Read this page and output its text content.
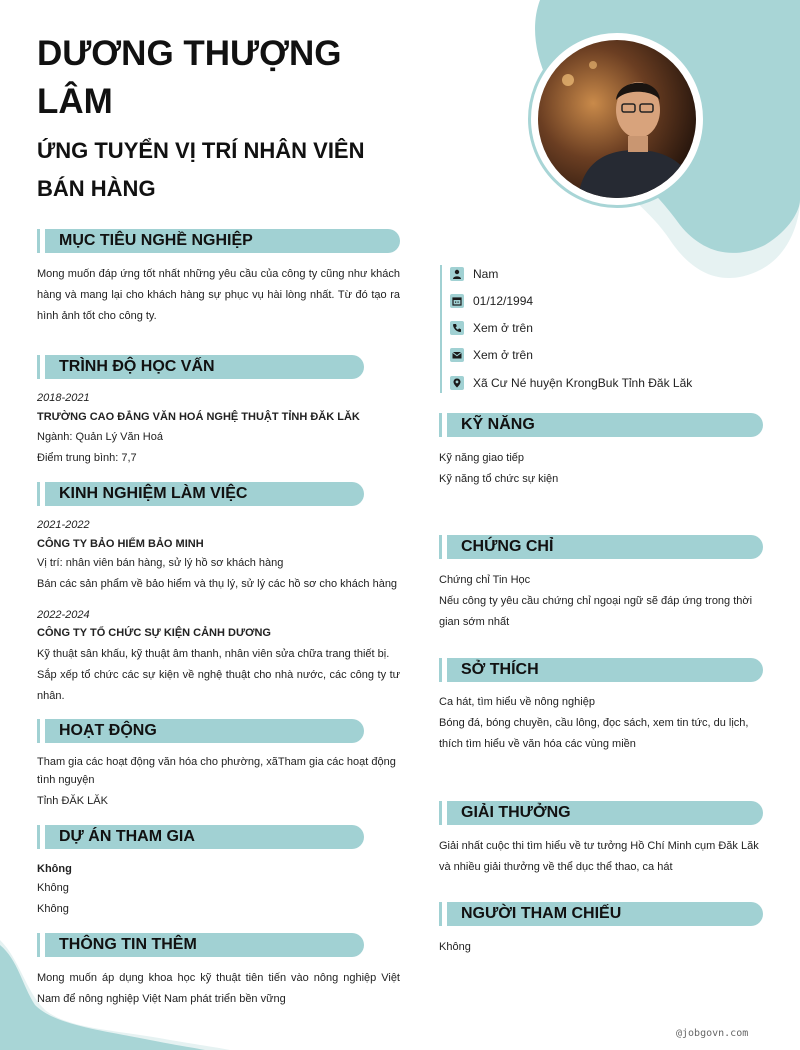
DƯƠNG THƯỢNG LÂM
ỨNG TUYỂN VỊ TRÍ NHÂN VIÊN BÁN HÀNG
MỤC TIÊU NGHỀ NGHIỆP
Mong muốn đáp ứng tốt nhất những yêu cầu của công ty cũng như khách hàng và mang lại cho khách hàng sự phục vụ hài lòng nhất. Từ đó tạo ra hình ảnh tốt cho công ty.
TRÌNH ĐỘ HỌC VẤN
2018-2021
TRƯỜNG CAO ĐẲNG VĂN HOÁ NGHỆ THUẬT TỈNH ĐĂK LĂK
Ngành: Quản Lý Văn Hoá
Điểm trung bình: 7,7
KINH NGHIỆM LÀM VIỆC
2021-2022
CÔNG TY BẢO HIỂM BẢO MINH
Vị trí: nhân viên bán hàng, sử lý hồ sơ khách hàng
Bán các sản phẩm về bảo hiểm và thụ lý, sử lý các hồ sơ cho khách hàng
2022-2024
CÔNG TY TỔ CHỨC SỰ KIỆN CẢNH DƯƠNG
Kỹ thuật sân khấu, kỹ thuật âm thanh, nhân viên sửa chữa trang thiết bị.
Sắp xếp tổ chức các sự kiện về nghệ thuật cho nhà nước, các công ty tư nhân.
HOẠT ĐỘNG
Tham gia các hoạt động văn hóa cho phường, xãTham gia các hoạt động tình nguyện
Tỉnh ĐĂK LĂK
DỰ ÁN THAM GIA
Không
Không
Không
THÔNG TIN THÊM
Mong muốn áp dụng khoa học kỹ thuật tiên tiến vào nông nghiệp Việt Nam để nông nghiệp Việt Nam phát triển bền vững
Nam
01/12/1994
Xem ở trên
Xem ở trên
Xã Cư Né huyện KrongBuk Tỉnh Đăk Lăk
KỸ NĂNG
Kỹ năng giao tiếp
Kỹ năng tổ chức sự kiện
CHỨNG CHỈ
Chứng chỉ Tin Học
Nếu công ty yêu cầu chứng chỉ ngoại ngữ sẽ đáp ứng trong thời gian sớm nhất
SỞ THÍCH
Ca hát, tìm hiểu về nông nghiệp
Bóng đá, bóng chuyền, cầu lông, đọc sách, xem tin tức, du lịch, thích tìm hiểu về văn hóa các vùng miền
GIẢI THƯỞNG
Giải nhất cuộc thi tìm hiểu về tư tưởng Hồ Chí Minh cụm Đăk Lăk và nhiều giải thưởng về thể dục thể thao, ca hát
NGƯỜI THAM CHIẾU
Không
@jobgovn.com
